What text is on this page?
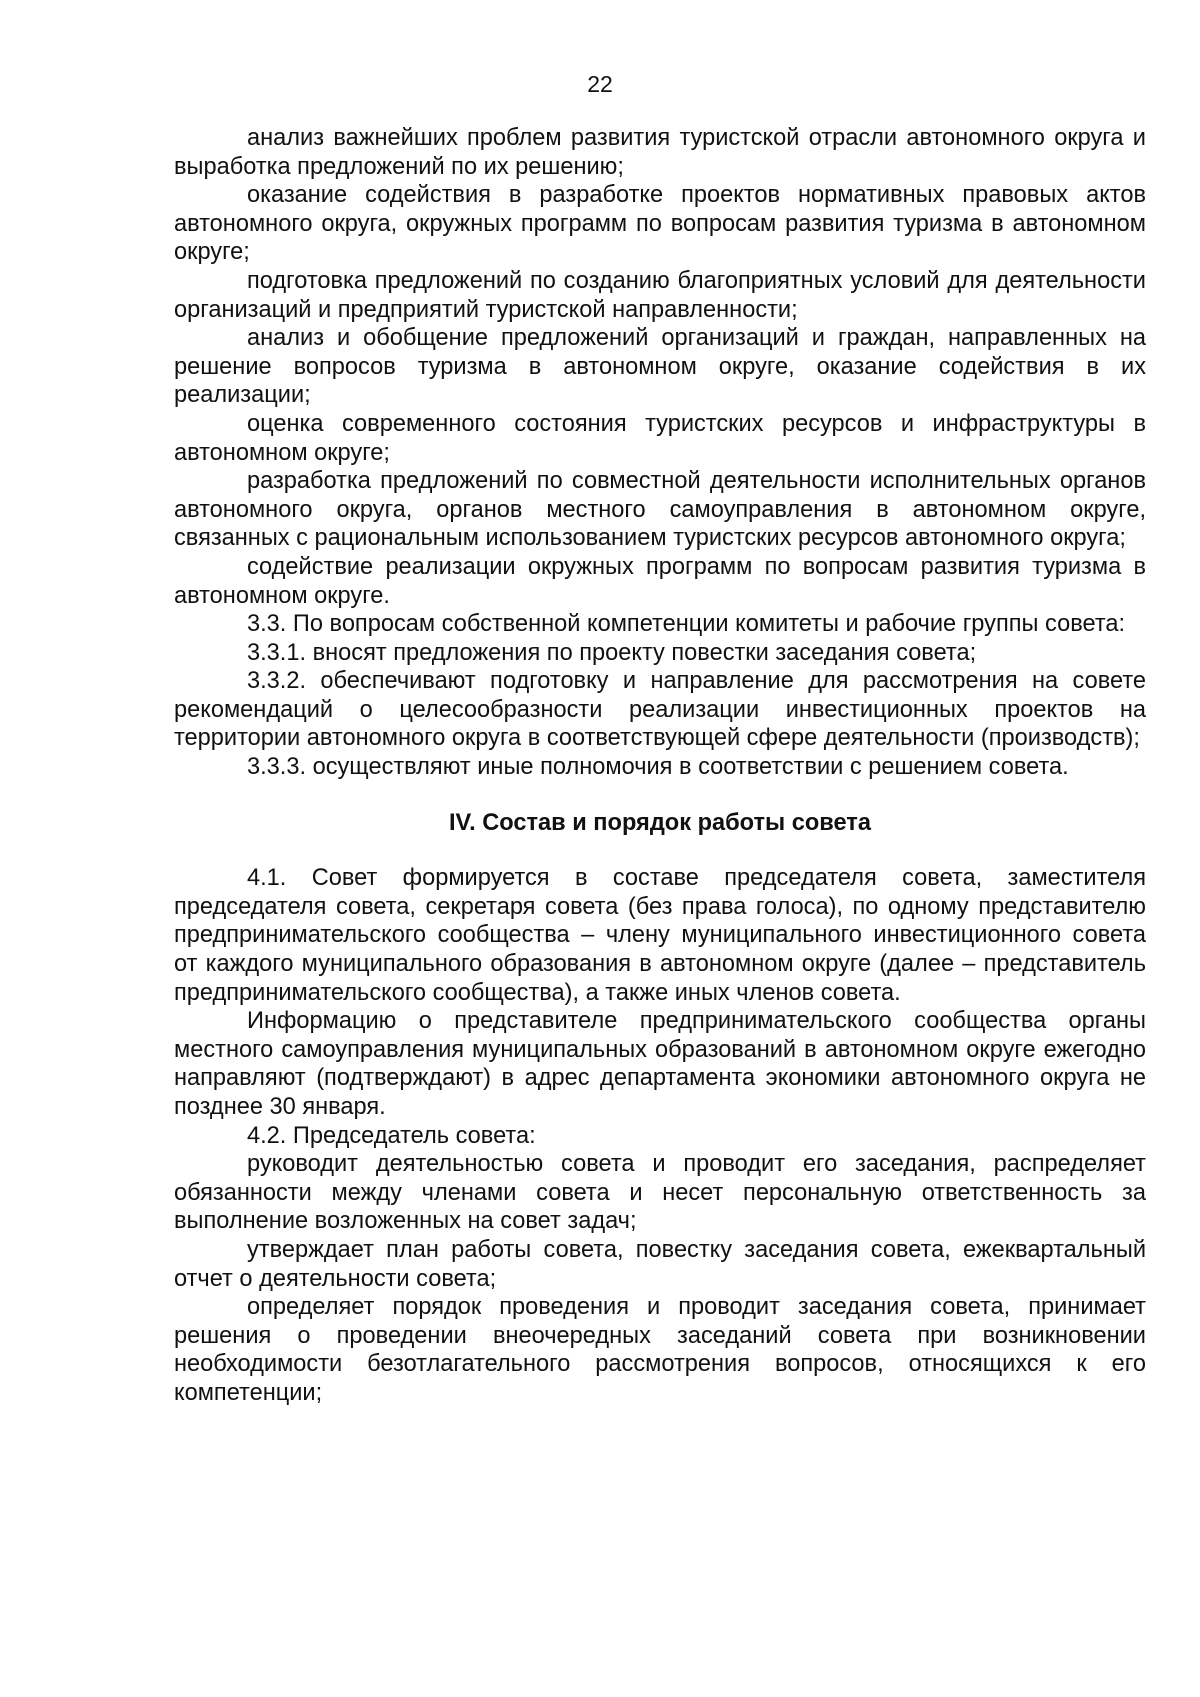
22

анализ важнейших проблем развития туристской отрасли автономного округа и выработка предложений по их решению;

оказание содействия в разработке проектов нормативных правовых актов автономного округа, окружных программ по вопросам развития туризма в автономном округе;

подготовка предложений по созданию благоприятных условий для деятельности организаций и предприятий туристской направленности;

анализ и обобщение предложений организаций и граждан, направленных на решение вопросов туризма в автономном округе, оказание содействия в их реализации;

оценка современного состояния туристских ресурсов и инфраструктуры в автономном округе;

разработка предложений по совместной деятельности исполнительных органов автономного округа, органов местного самоуправления в автономном округе, связанных с рациональным использованием туристских ресурсов автономного округа;

содействие реализации окружных программ по вопросам развития туризма в автономном округе.

3.3. По вопросам собственной компетенции комитеты и рабочие группы совета:

3.3.1. вносят предложения по проекту повестки заседания совета;

3.3.2. обеспечивают подготовку и направление для рассмотрения на совете рекомендаций о целесообразности реализации инвестиционных проектов на территории автономного округа в соответствующей сфере деятельности (производств);

3.3.3. осуществляют иные полномочия в соответствии с решением совета.

IV. Состав и порядок работы совета

4.1. Совет формируется в составе председателя совета, заместителя председателя совета, секретаря совета (без права голоса), по одному представителю предпринимательского сообщества – члену муниципального инвестиционного совета от каждого муниципального образования в автономном округе (далее – представитель предпринимательского сообщества), а также иных членов совета.

Информацию о представителе предпринимательского сообщества органы местного самоуправления муниципальных образований в автономном округе ежегодно направляют (подтверждают) в адрес департамента экономики автономного округа не позднее 30 января.

4.2. Председатель совета:

руководит деятельностью совета и проводит его заседания, распределяет обязанности между членами совета и несет персональную ответственность за выполнение возложенных на совет задач;

утверждает план работы совета, повестку заседания совета, ежеквартальный отчет о деятельности совета;

определяет порядок проведения и проводит заседания совета, принимает решения о проведении внеочередных заседаний совета при возникновении необходимости безотлагательного рассмотрения вопросов, относящихся к его компетенции;
